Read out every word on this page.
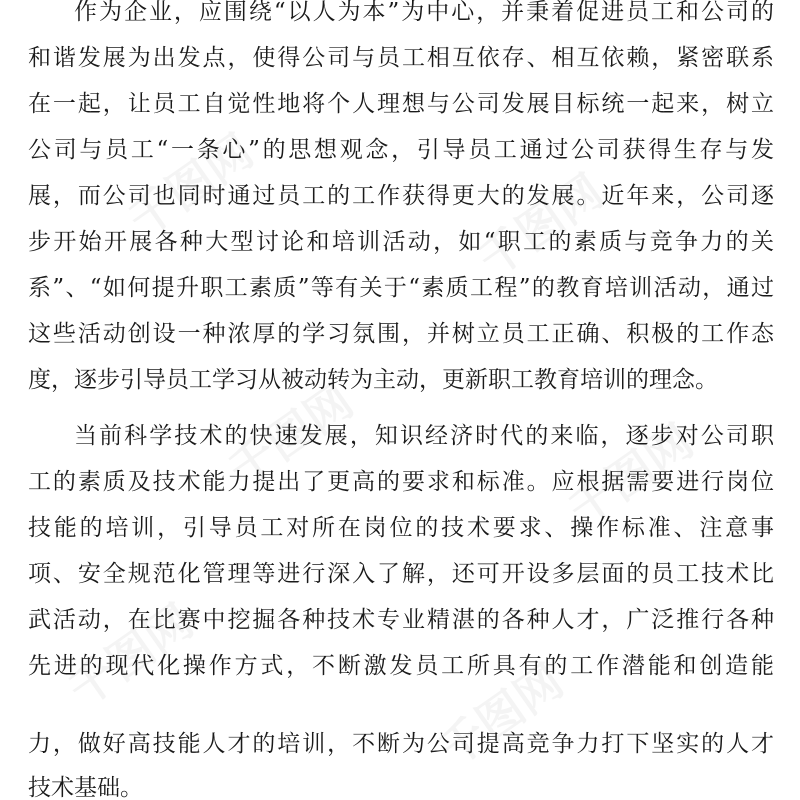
千图网	千图网
千图网	千图网
千图网	千图网
作为企业，应围绕“以人为本”为中心，并秉着促进员工和公司的
和谐发展为出发点，使得公司与员工相互依存、相互依赖，紧密联系
在一起，让员工自觉性地将个人理想与公司发展目标统一起来，树立
公司与员工“一条心”的思想观念，引导员工通过公司获得生存与发
展，而公司也同时通过员工的工作获得更大的发展。近年来，公司逐
步开始开展各种大型讨论和培训活动，如“职工的素质与竞争力的关
系”、“如何提升职工素质”等有关于“素质工程”的教育培训活动，通过
这些活动创设一种浓厚的学习氛围，并树立员工正确、积极的工作态
度，逐步引导员工学习从被动转为主动，更新职工教育培训的理念。
当前科学技术的快速发展，知识经济时代的来临，逐步对公司职
工的素质及技术能力提出了更高的要求和标准。应根据需要进行岗位
技能的培训，引导员工对所在岗位的技术要求、操作标准、注意事
项、安全规范化管理等进行深入了解，还可开设多层面的员工技术比
武活动，在比赛中挖掘各种技术专业精湛的各种人才，广泛推行各种
先进的现代化操作方式，不断激发员工所具有的工作潜能和创造能
力，做好高技能人才的培训，不断为公司提高竞争力打下坚实的人才
技术基础。
